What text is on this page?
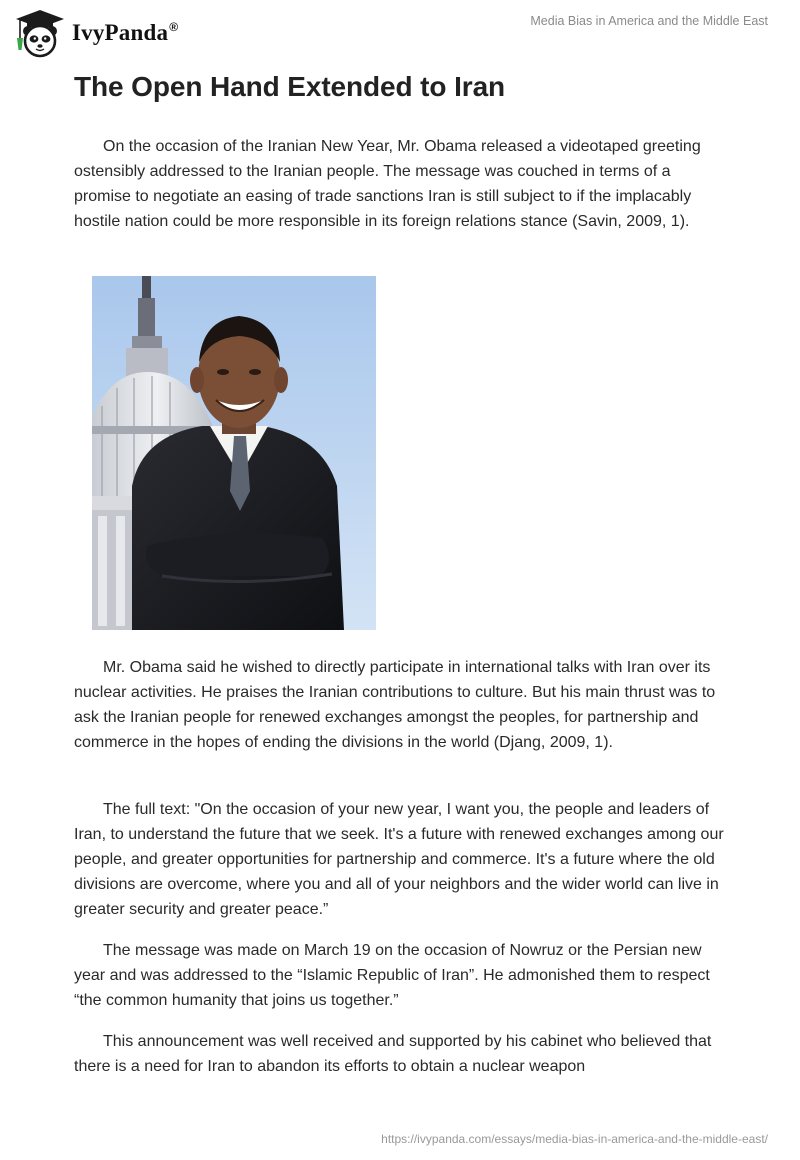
IvyPanda®	Media Bias in America and the Middle East
The Open Hand Extended to Iran

On the occasion of the Iranian New Year, Mr. Obama released a videotaped greeting ostensibly addressed to the Iranian people. The message was couched in terms of a promise to negotiate an easing of trade sanctions Iran is still subject to if the implacably hostile nation could be more responsible in its foreign relations stance (Savin, 2009, 1).

Mr. Obama said he wished to directly participate in international talks with Iran over its nuclear activities. He praises the Iranian contributions to culture. But his main thrust was to ask the Iranian people for renewed exchanges amongst the peoples, for partnership and commerce in the hopes of ending the divisions in the world (Djang, 2009, 1).

The full text: "On the occasion of your new year, I want you, the people and leaders of Iran, to understand the future that we seek. It's a future with renewed exchanges among our people, and greater opportunities for partnership and commerce. It's a future where the old divisions are overcome, where you and all of your neighbors and the wider world can live in greater security and greater peace.”

The message was made on March 19 on the occasion of Nowruz or the Persian new year and was addressed to the “Islamic Republic of Iran”. He admonished them to respect “the common humanity that joins us together.”

This announcement was well received and supported by his cabinet who believed that there is a need for Iran to abandon its efforts to obtain a nuclear weapon

https://ivypanda.com/essays/media-bias-in-america-and-the-middle-east/
